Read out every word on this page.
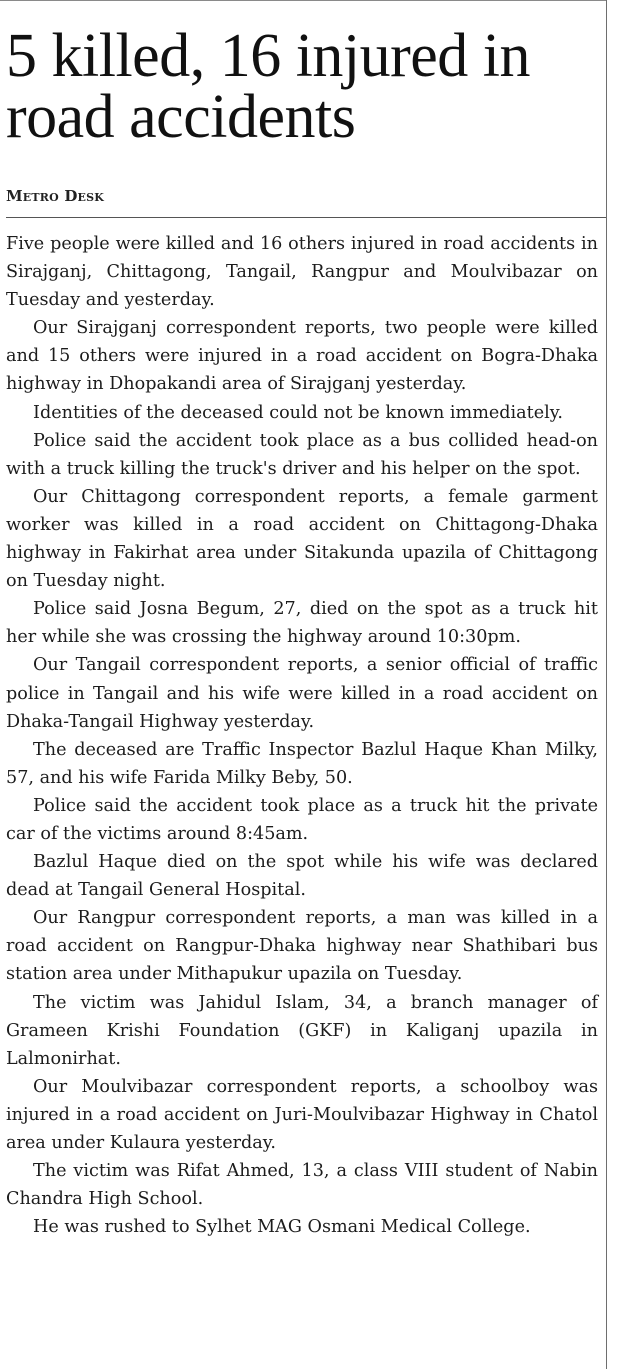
5 killed, 16 injured in road accidents
Metro Desk

Five people were killed and 16 others injured in road accidents in Sirajganj, Chittagong, Tangail, Rangpur and Moulvibazar on Tuesday and yesterday.

Our Sirajganj correspondent reports, two people were killed and 15 others were injured in a road accident on Bogra-Dhaka highway in Dhopakandi area of Sirajganj yesterday.

Identities of the deceased could not be known immediately.

Police said the accident took place as a bus collided head-on with a truck killing the truck's driver and his helper on the spot.

Our Chittagong correspondent reports, a female garment worker was killed in a road accident on Chittagong-Dhaka highway in Fakirhat area under Sitakunda upazila of Chittagong on Tuesday night.

Police said Josna Begum, 27, died on the spot as a truck hit her while she was crossing the highway around 10:30pm.

Our Tangail correspondent reports, a senior official of traffic police in Tangail and his wife were killed in a road accident on Dhaka-Tangail Highway yesterday.

The deceased are Traffic Inspector Bazlul Haque Khan Milky, 57, and his wife Farida Milky Beby, 50.

Police said the accident took place as a truck hit the private car of the victims around 8:45am.

Bazlul Haque died on the spot while his wife was declared dead at Tangail General Hospital.

Our Rangpur correspondent reports, a man was killed in a road accident on Rangpur-Dhaka highway near Shathibari bus station area under Mithapukur upazila on Tuesday.

The victim was Jahidul Islam, 34, a branch manager of Grameen Krishi Foundation (GKF) in Kaliganj upazila in Lalmonirhat.

Our Moulvibazar correspondent reports, a schoolboy was injured in a road accident on Juri-Moulvibazar Highway in Chatol area under Kulaura yesterday.

The victim was Rifat Ahmed, 13, a class VIII student of Nabin Chandra High School.

He was rushed to Sylhet MAG Osmani Medical College.
